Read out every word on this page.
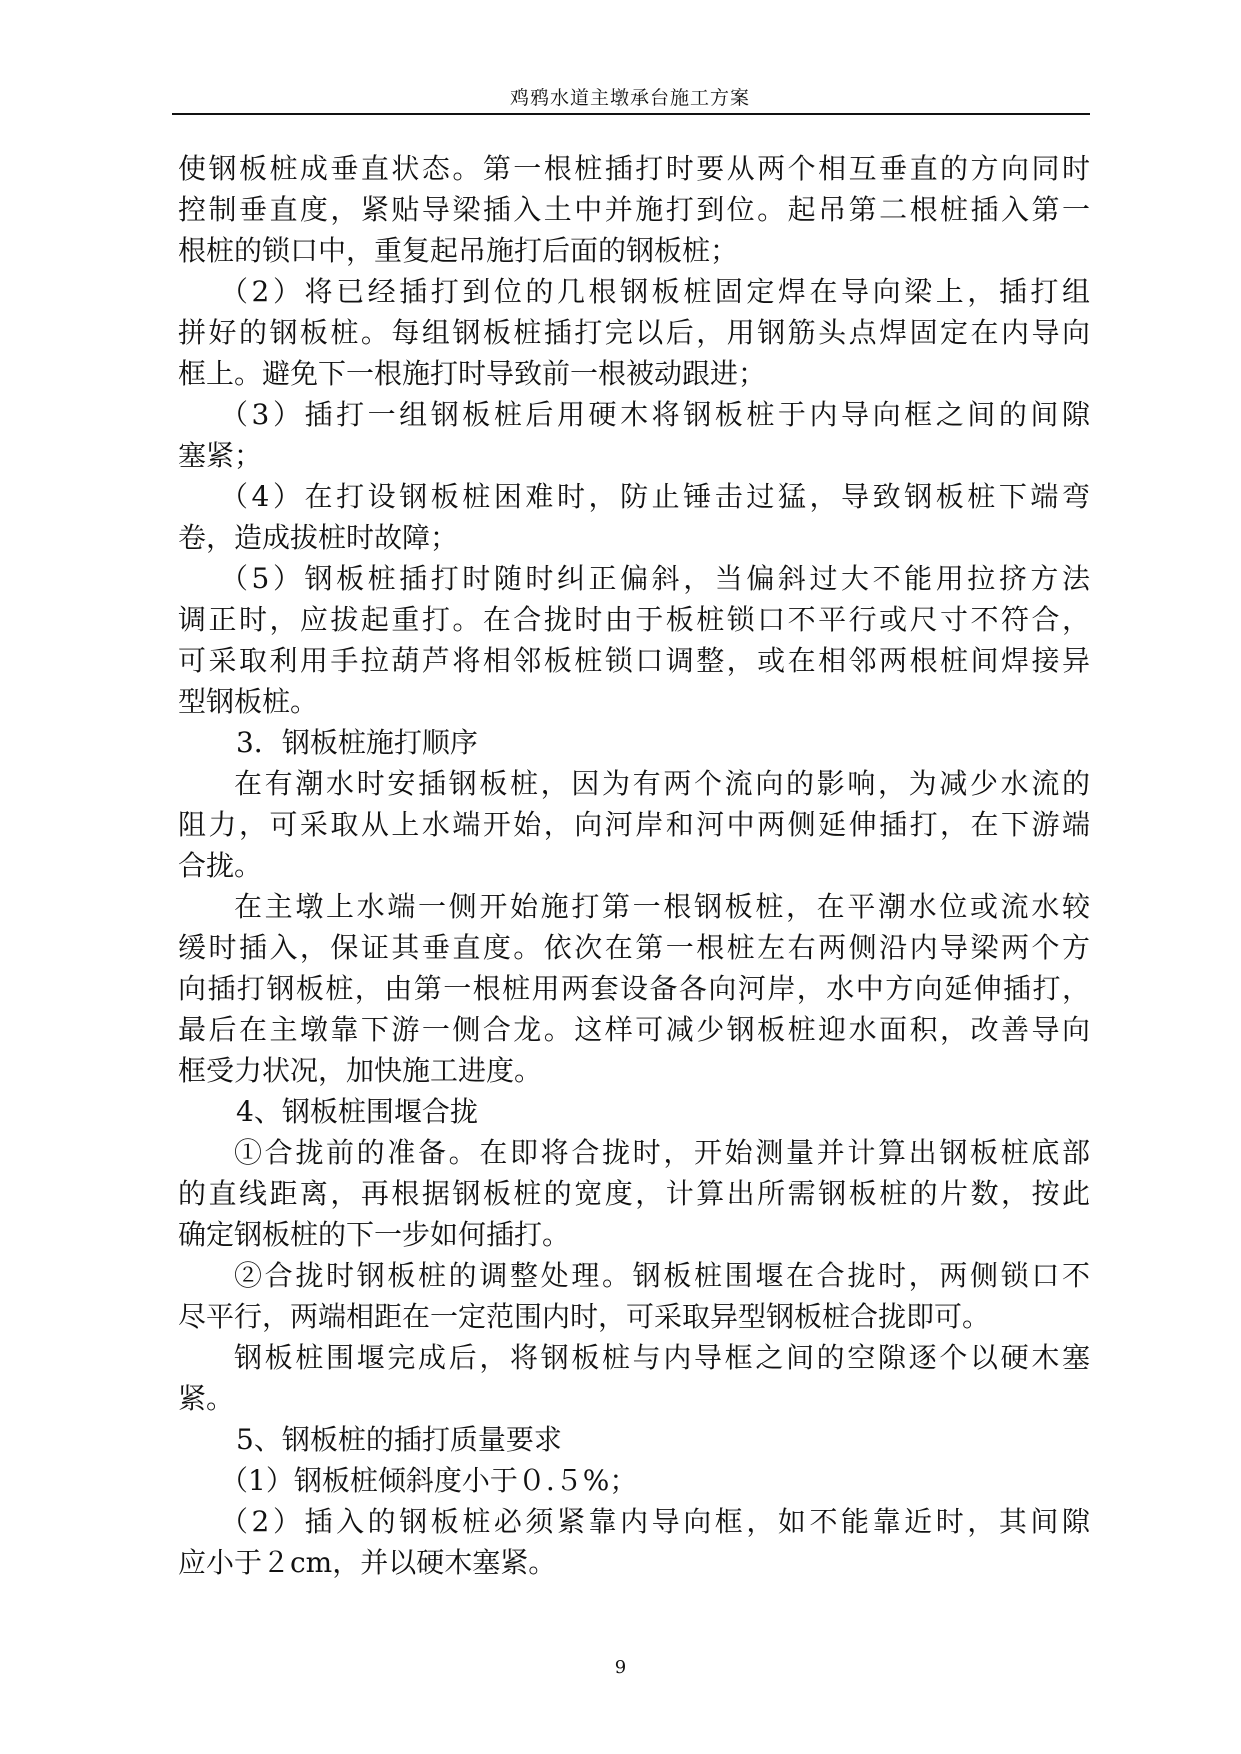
鸡鸦水道主墩承台施工方案
使钢板桩成垂直状态。第一根桩插打时要从两个相互垂直的方向同时
控制垂直度，紧贴导梁插入土中并施打到位。起吊第二根桩插入第一
根桩的锁口中，重复起吊施打后面的钢板桩；
（2）将已经插打到位的几根钢板桩固定焊在导向梁上，插打组
拼好的钢板桩。每组钢板桩插打完以后，用钢筋头点焊固定在内导向
框上。避免下一根施打时导致前一根被动跟进；
（3）插打一组钢板桩后用硬木将钢板桩于内导向框之间的间隙
塞紧；
（4）在打设钢板桩困难时，防止锤击过猛，导致钢板桩下端弯
卷，造成拔桩时故障；
（5）钢板桩插打时随时纠正偏斜，当偏斜过大不能用拉挤方法
调正时，应拔起重打。在合拢时由于板桩锁口不平行或尺寸不符合，
可采取利用手拉葫芦将相邻板桩锁口调整，或在相邻两根桩间焊接异
型钢板桩。
3．钢板桩施打顺序
在有潮水时安插钢板桩，因为有两个流向的影响，为减少水流的
阻力，可采取从上水端开始，向河岸和河中两侧延伸插打，在下游端
合拢。
在主墩上水端一侧开始施打第一根钢板桩，在平潮水位或流水较
缓时插入，保证其垂直度。依次在第一根桩左右两侧沿内导梁两个方
向插打钢板桩，由第一根桩用两套设备各向河岸，水中方向延伸插打，
最后在主墩靠下游一侧合龙。这样可减少钢板桩迎水面积，改善导向
框受力状况，加快施工进度。
4、钢板桩围堰合拢
①合拢前的准备。在即将合拢时，开始测量并计算出钢板桩底部
的直线距离，再根据钢板桩的宽度，计算出所需钢板桩的片数，按此
确定钢板桩的下一步如何插打。
②合拢时钢板桩的调整处理。钢板桩围堰在合拢时，两侧锁口不
尽平行，两端相距在一定范围内时，可采取异型钢板桩合拢即可。
钢板桩围堰完成后，将钢板桩与内导框之间的空隙逐个以硬木塞
紧。
5、钢板桩的插打质量要求
（1）钢板桩倾斜度小于０.５%；
（2）插入的钢板桩必须紧靠内导向框，如不能靠近时，其间隙
应小于２cm，并以硬木塞紧。
9
